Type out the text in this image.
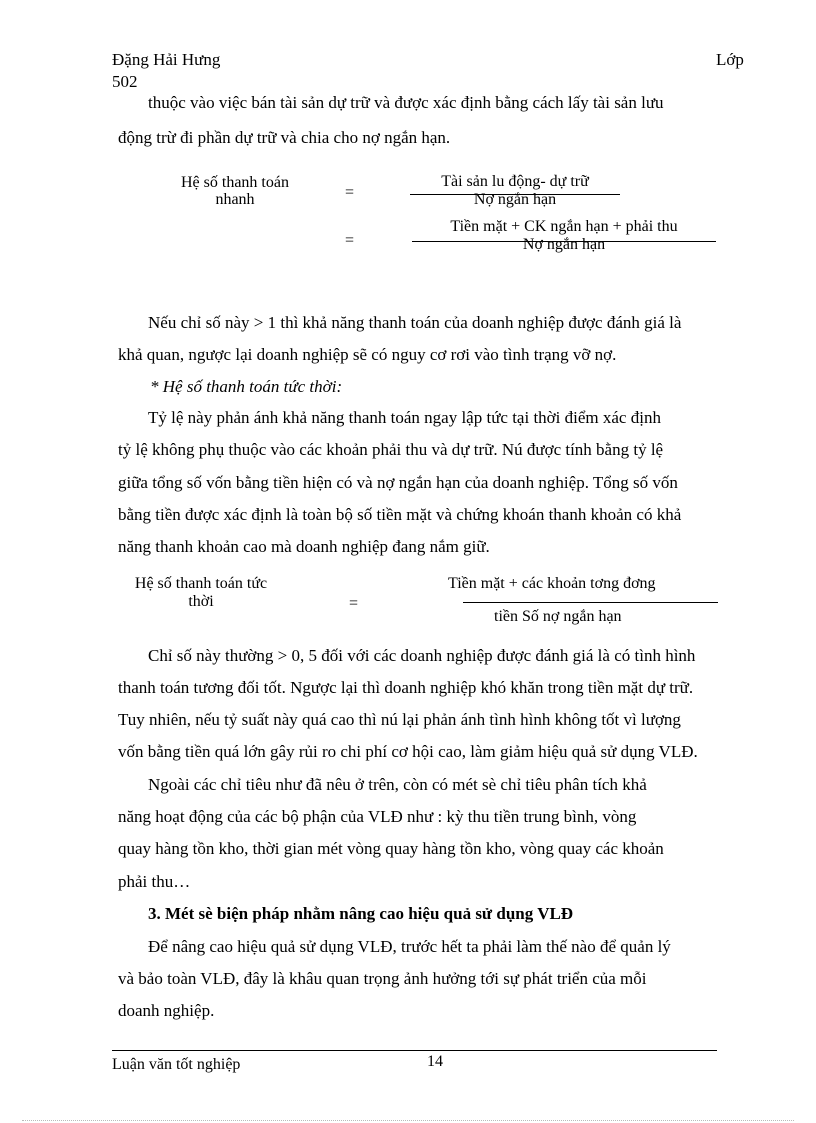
Đặng Hải Hưng	Lớp
502
thuộc vào việc bán tài sản dự trữ và được xác định bằng cách lấy tài sản lưu
động trừ đi phần dự trữ và chia cho nợ ngắn hạn.
Hệ số thanh toán
nhanh	=
Tài sản lu động- dự trữ
Nợ ngắn hạn
=
Tiền mặt + CK ngắn hạn + phải thu
Nợ ngắn hạn
Nếu chỉ số này > 1 thì khả năng thanh toán của doanh nghiệp được đánh giá là
khả quan, ngược lại doanh nghiệp sẽ có nguy cơ rơi vào tình trạng vỡ nợ.
* Hệ số thanh toán tức thời:
Tỷ lệ này phản ánh khả năng thanh toán ngay lập tức tại thời điểm xác định
tỷ lệ không phụ thuộc vào các khoản phải thu và dự trữ. Nú được tính bằng tỷ lệ
giữa tổng số vốn bằng tiền hiện có và nợ ngắn hạn của doanh nghiệp. Tổng số vốn
bằng tiền được xác định là toàn bộ số tiền mặt và chứng khoán thanh khoản có khả
năng thanh khoản cao mà doanh nghiệp đang nắm giữ.
Hệ số thanh toán tức
thời	=
Tiền mặt + các khoản tơng đơng
tiền Số nợ ngắn hạn
Chỉ số này thường > 0, 5 đối với các doanh nghiệp được đánh giá là có tình hình
thanh toán tương đối tốt. Ngược lại thì doanh nghiệp khó khăn trong tiền mặt dự trữ.
Tuy nhiên, nếu tỷ suất này quá cao thì nú lại phản ánh tình hình không tốt vì lượng
vốn bằng tiền quá lớn gây rủi ro chi phí cơ hội cao, làm giảm hiệu quả sử dụng VLĐ.
Ngoài các chỉ tiêu như đã nêu ở trên, còn có mét sè chỉ tiêu phân tích khả
năng hoạt động của các bộ phận của VLĐ như : kỳ thu tiền trung bình, vòng
quay hàng tồn kho, thời gian mét vòng quay hàng tồn kho, vòng quay các khoản
phải thu…
3. Mét sè biện pháp nhằm nâng cao hiệu quả sử dụng VLĐ
Để nâng cao hiệu quả sử dụng VLĐ, trước hết ta phải làm thế nào để quản lý
và bảo toàn VLĐ, đây là khâu quan trọng ảnh hưởng tới sự phát triển của mỗi
doanh nghiệp.
Luận văn tốt nghiệp	14
